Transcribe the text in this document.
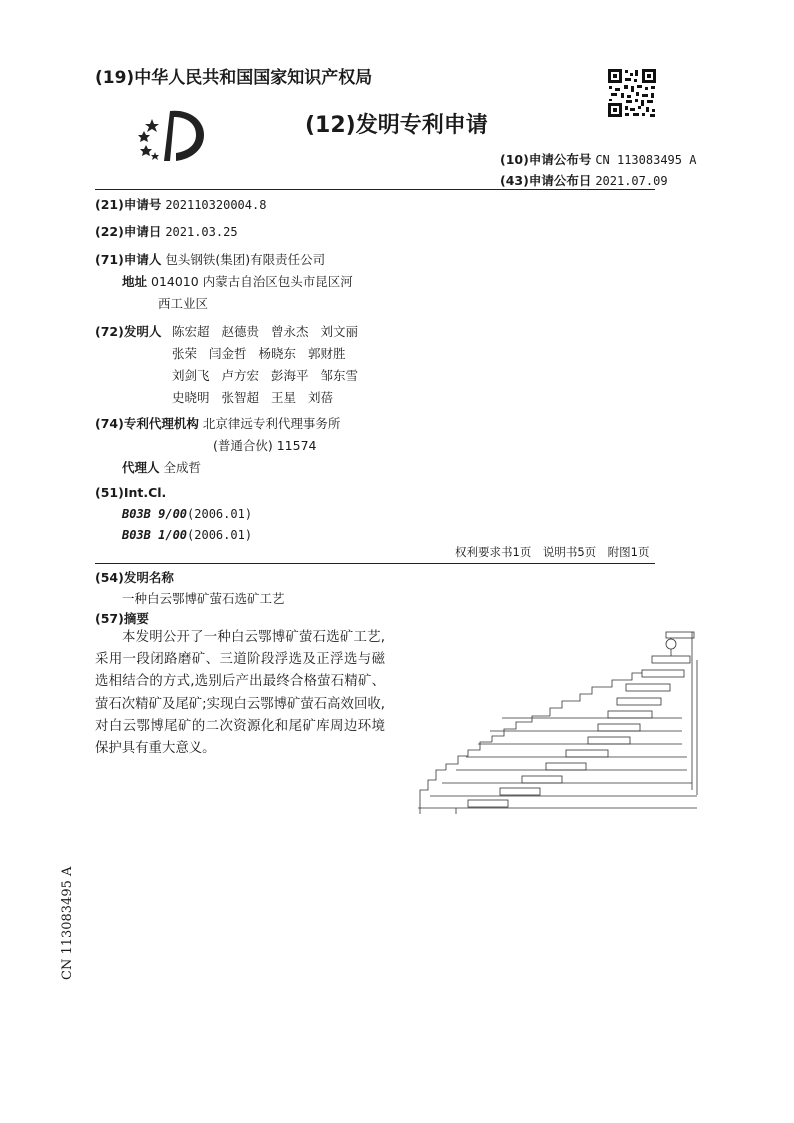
(19)中华人民共和国国家知识产权局
(12)发明专利申请
(10)申请公布号 CN 113083495 A
(43)申请公布日 2021.07.09
(21)申请号 202110320004.8
(22)申请日 2021.03.25
(71)申请人 包头钢铁(集团)有限责任公司
地址 014010 内蒙古自治区包头市昆区河
西工业区
(72)发明人 陈宏超 赵德贵 曾永杰 刘文丽
张荣 闫金哲 杨晓东 郭财胜
刘剑飞 卢方宏 彭海平 邹东雪
史晓明 张智超 王星 刘蓓
(74)专利代理机构 北京律远专利代理事务所
(普通合伙) 11574
代理人 全成哲
(51)Int.Cl.
B03B 9/00(2006.01)
B03B 1/00(2006.01)
权利要求书1页　说明书5页　附图1页
(54)发明名称
一种白云鄂博矿萤石选矿工艺
(57)摘要
本发明公开了一种白云鄂博矿萤石选矿工艺,采用一段闭路磨矿、三道阶段浮选及正浮选与磁选相结合的方式,选别后产出最终合格萤石精矿、萤石次精矿及尾矿;实现白云鄂博矿萤石高效回收,对白云鄂博尾矿的二次资源化和尾矿库周边环境保护具有重大意义。
CN 113083495 A
